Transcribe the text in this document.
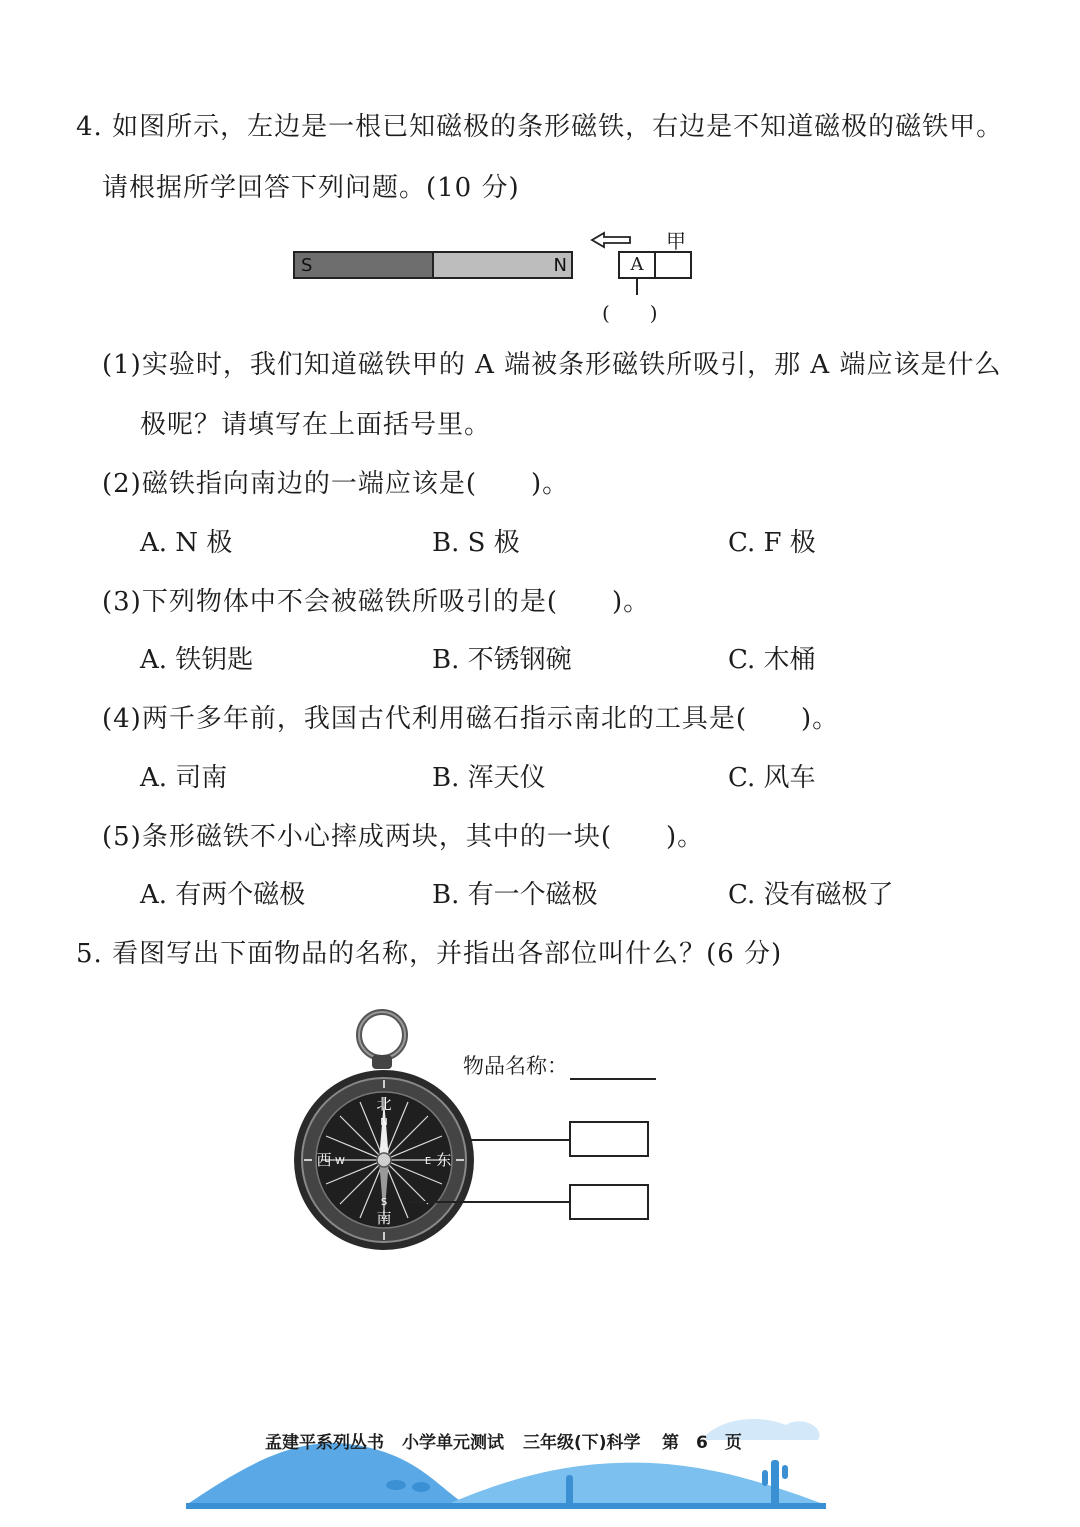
4. 如图所示，左边是一根已知磁极的条形磁铁，右边是不知道磁极的磁铁甲。
请根据所学回答下列问题。(10 分)
S	N
甲
A
(　　)
(1)实验时，我们知道磁铁甲的 A 端被条形磁铁所吸引，那 A 端应该是什么
极呢？请填写在上面括号里。
(2)磁铁指向南边的一端应该是(　　)。
A. N 极	B. S 极	C. F 极
(3)下列物体中不会被磁铁所吸引的是(　　)。
A. 铁钥匙	B. 不锈钢碗	C. 木桶
(4)两千多年前，我国古代利用磁石指示南北的工具是(　　)。
A. 司南	B. 浑天仪	C. 风车
(5)条形磁铁不小心摔成两块，其中的一块(　　)。
A. 有两个磁极	B. 有一个磁极	C. 没有磁极了
5. 看图写出下面物品的名称，并指出各部位叫什么？(6 分)
北
N
南
S
东
E
西 W
物品名称：
孟建平系列丛书 小学单元测试 三年级(下)科学 第　6　页
